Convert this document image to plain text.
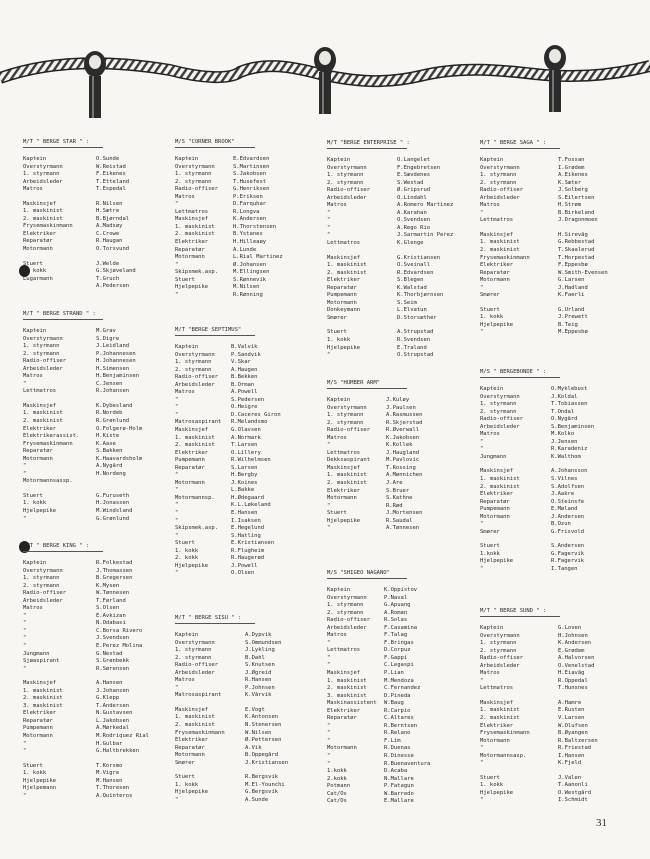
M/T " BERGE STAR " :
Kaptein	O.Sunde
Overstyrmann	W.Reistad
1. styrmann	F.Eikenes
Arbeidsleder	T.Etteland
Matros	T.Espedal
Maskinsjef	R.Nilsen
1. maskinist	H.Sætre
2. maskinist	B.Bjørndal
Frysemaskinmann	A.Madsøy
Elektriker	C.Crowe
Reparatør	R.Haugan
Motormann	O.Torsvund
Stuert	J.Welde
1. kokk	G.Skjøveland
Lugarmann	T.Gruch
Å.Pedersen
M/T " BERGE STRAND " :
Kaptein	M.Grav
Overstyrmann	S.Digre
1. styrmann	J.Leidland
2. styrmann	P.Johannesen
Radio-offiser	H.Johannesen
Arbeidsleder	H.Simensen
Matros	H.Benjaminsen
"	C.Jensen
Lettmatros	R.Johansen
Maskinsjef	K.Dybesland
1. maskinist	R.Nordeb
2. maskinist	R.Grønlund
Elektriker	O.Folgerø-Holm
Elektrikerassist.	H.Kiste
Frysemaskinmann	K.Aase
Reparatør	S.Bakken
Motormann	K.Haavardsholm
"	A.Nygård
"	H.Nordeng
Motormannsassp.
Stuert	G.Furuseth
1. kokk	H.Jonassen
Hjelpepike	M.Windsland
"	G.Grønlund
M/T " BERGE KING " :
Kaptein	R.Folkestad
Overstyrmann	J.Thomassen
1. styrmann	B.Gregersen
2. styrmann	K.Mysen
Radio-offiser	W.Tønnesen
Arbeidsleder	T.Førland
Matros	S.Olsen
"	E.Avkizan
"	N.Odabasi
"	C.Borsa Rivero
"	J.Svendsen
"	E.Perez Molina
Jungmann	G.Nestad
Sjøaspirant	S.Grønbekk
"	R.Sørensen
Maskinsjef	A.Hansen
1. maskinist	J.Johansen
2. maskinist	G.Klepp
3. maskinist	T.Andersen
Elektriker	N.Gustavsen
Reparatør	L.Jakobsen
Pumpemann	A.Mørkedal
Motormann	M.Rodriquez Rial
"	H.Gulbar
"	G.Haltbrekken
Stuert	T.Korsmo
1. kokk	M.Vigre
Hjelpepike	M.Hansen
Hjelpemann	T.Thoresen
"	A.Quinteros
M/S "CORNER BROOK"
Kaptein	E.Edvardsen
Overstyrmann	S.Martinsen
1. styrmann	S.Jakobsen
2. styrmann	T.Husefest
Radio-offiser	G.Henriksen
Matros	P.Eriksen
"	D.Farquhar
Lettmatros	R.Longva
Maskinsjef	K.Andersen
1. maskinist	H.Thorstensen
2. maskinist	B.Ystanes
Elektriker	H.Hilleaøy
Reparatør	A.Lunde
Motormann	L.Rial Martinez
"	Ø.Johansen
Skipsmek.asp.	M.Ellingsen
Stuert	S.Rønnevik
Hjelpepike	M.Nilsen
"	R.Rønning
M/T "BERGE SEPTIMUS"
Kaptein	B.Valvik
Overstyrmann	P.Sandvik
1. styrmann	V.Skar
2. styrmann	A.Haugen
Radio-offiser	B.Bekken
Arbeidsleder	B.Orman
Matros	A.Powell
"	S.Pedersen
"	O.Heigre
"	D.Caceres Giron
Matrosaspirant	R.Melandsmo
Maskinsjef	G.Olavsen
1. maskinist	A.Normark
2. maskinist	T.Larsen
Elektriker	O.Lillery
Pumpemann	R.Wilhelmsen
Reparatør	S.Larsen
"	H.Bergby
Motormann	J.Koines
"	L.Bakke
Motormannsp.	H.Ødegaard
"	K.L.Løkeland
"	E.Hansen
"	I.Isaksen
Skipsmek.asp.	E.Hegelund
"	S.Hatling
Stuert	E.Kristiansen
1. kokk	R.Flugheim
2. kokk	R.Haugerød
Hjelpepike	J.Powell
"	O.Olsen
M/T " BERGE SISU " :
Kaptein	A.Dypvik
Overstyrmann	S.Ommundsen
1. styrmann	J.Lykling
2. styrmann	B.Dahl
Radio-offiser	S.Knutsen
Arbeidsleder	J.Øgreid
Matros	R.Hansen
"	P.Johnsen
Matrosaspirant	K.Vårvik
Maskinsjef	E.Vogt
1. maskinist	K.Antonsen
2. maskinist	N.Stenersen
Frysemaskinmann	W.Nilsen
Elektriker	Ø.Pettersen
Reparatør	A.Vik
Motormann	B.Oppegård
Smører	J.Kristiansen
Stuert	R.Bergsvik
1. kokk	M.El-Younchi
Hjelpepike	G.Bergsvik
"	A.Sunde
M/T "BERGE ENTERPRISE " :
Kaptein	O.Langelet
Overstyrmann	F.Engebretsen
1. styrmann	E.Sævdenes
2. styrmann	S.Westad
Radio-offiser	Ø.Gripsrud
Arbeidsleder	O.Lindahl
Matros	A.Romero Martinez
"	A.Karahan
"	O.Svendsen
"	A.Rego Rio
"	J.Sarmartin Perez
Lettmatros	K.Glenge
Maskinsjef	G.Kristiansen
1. maskinist	O.Sveinall
2. maskinist	R.Edvardsen
Elektriker	S.Blegen
Reparatør	K.Walstad
Pumpemann	K.Thorbjørnsen
Motormann	S.Seim
Donkeymann	L.Elvatun
Smører	D.Storsæther
Stuert	A.Strupstad
1. kokk	R.Svendsen
Hjelpepike	E.Traland
"	O.Strupstad
M/S "HUMBER ARM"
Kaptein	J.Kuløy
Overstyrmann	J.Paulsen
1. styrmann	A.Rasmussen
2. styrmann	R.Skjerstad
Radio-offiser	R.Øverwall
Matros	K.Jakobsen
"	K.Kollek
Lettmatros	J.Haugland
Dekksaspirant	M.Pavlovic
Maskinsjef	T.Rossing
1. maskinist	A.Mønnichen
2. maskinist	J.Are
Elektriker	S.Bruer
Motormann	S.Kathne
"	R.Rød
Stuert	J.Mortensen
Hjelpepike	R.Saudal
"	A.Tønnesen
M/S "SHIGEO NAGANO"
Kaptein	K.Oppistov
Overstyrmann	P.Naval
1. styrmann	G.Apuang
2. styrmann	A.Roman
Radio-offiser	R.Solas
Arbeidsleder	F.Casamina
Matros	F.Talag
"	F.Bringas
Lettmatros	D.Corpuz
"	F.Gappi
"	C.Legaspi
Maskinsjef	P.Lian
1. maskinist	M.Mendoza
2. maskinist	C.Fernandez
3. maskinist	D.Pineda
Maskinassistent	W.Baug
Elektriker	R.Carpio
Reparatør	C.Altares
"	R.Berntsen
"	R.Relano
"	F.Lim
Motormann	R.Duenas
"	R.Dinesse
"	R.Buenaventura
1.kokk	D.Acaba
2.kokk	N.Mallare
Potmann	P.Fatagun
Cat/Os	W.Barredo
Cat/Os	E.Mallare
M/T " BERGE SAGA " :
Kaptein	T.Fossan
Overstyrmann	I.Grødem
1. styrmann	A.Eikenes
2. styrmann	K.Sæter
Radio-offiser	J.Solberg
Arbeidsleder	S.Eilertsen
Matros	H.Strøm
"	B.Birkeland
Lettmatros	J.Dragonmoen
Maskinsjef	H.Sirevåg
1. maskinist	G.Rebbestad
2. maskinist	T.Skaalerud
Frysemaskinmann	T.Horpestad
Elektriker	F.Eppesbø
Reparatør	W.Smith-Evensen
Motormann	G.Larsen
"	J.Hadland
Smører	K.Faerli
Stuert	G.Urland
1. kokk	J.Prewett
Hjelpepike	B.Teig
"	M.Eppesbø
M/S " BERGEBONDE " :
Kaptein	O.Myklebust
Overstyrmann	J.Koldal
1. styrmann	T.Tobiassen
2. styrmann	T.Ondal
Radio-offiser	O.Nygård
Arbeidsleder	S.Benjaminsen
Matros	M.Kolko
"	J.Jensen
"	R.Karadeniz
Jungmann	K.Walthom
Maskinsjef	A.Johansson
1. maskinist	S.Vilnes
2. maskinist	S.Adolfsen
Elektriker	J.Aakre
Reparatør	O.Steinsfe
Pumpemann	E.Møland
Motormann	J.Andersen
"	B.Ozun
Smører	G.Frisvold
Stuert	S.Andersen
1.kokk	G.Fagervik
Hjelpepike	R.Fagervik
"	I.Tangen
M/T " BERGE SUND " :
Kaptein	G.Loven
Overstyrmann	H.Johnsen
1. styrmann	K.Andersen
2. styrmann	E.Grødem
Radio-offiser	A.Halvorsen
Arbeidsleder	O.Venelstad
Matros	H.Eiavåg
"	R.Oppedal
Lettmatros	T.Hunsnes
Maskinsjef	A.Hamre
1. maskinist	E.Rusten
2. maskinist	V.Larsen
Elektriker	W.Olufsen
Frysemaskinmann	B.Øyangen
Motormann	R.Baltzersen
"	R.Friestad
Motormannsasp.	I.Hansen
"	K.Fjeld
Stuert	J.Valen
1. kokk	T.Aanonli
Hjelpepike	O.Westgård
"	I.Schmidt
31
